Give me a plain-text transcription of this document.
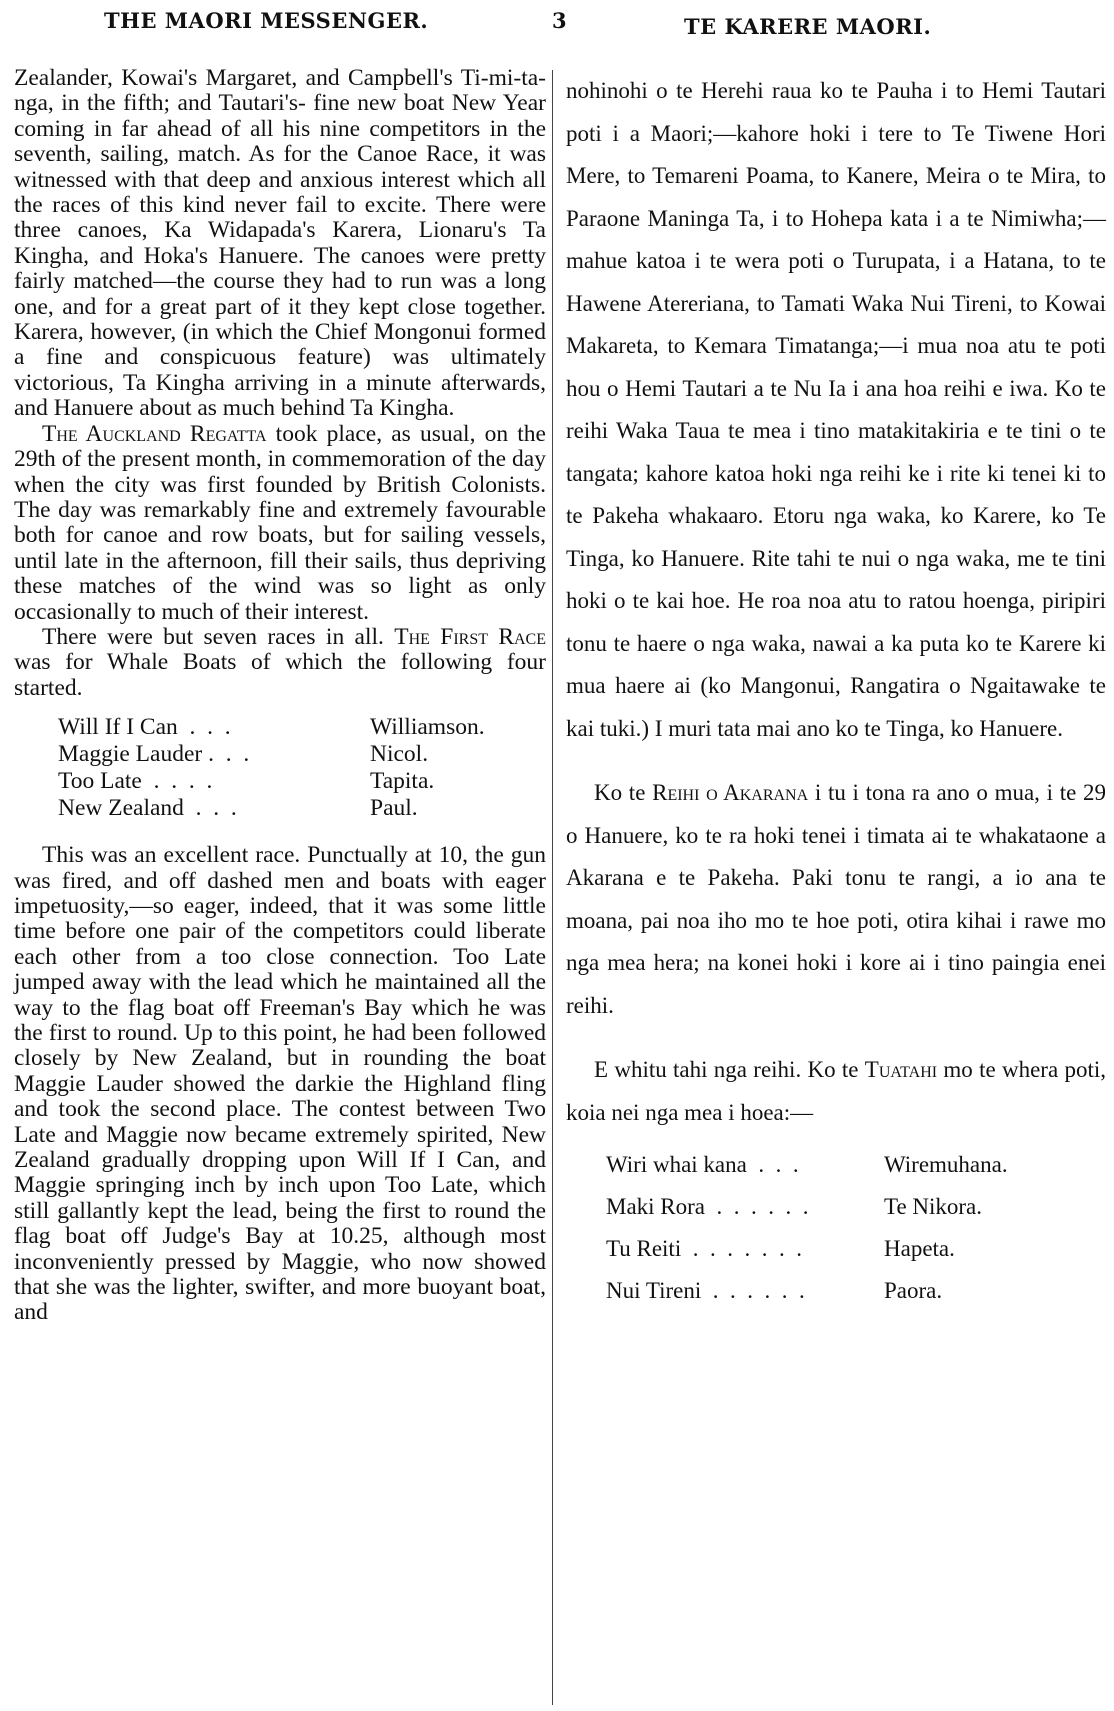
THE MAORI MESSENGER.	3	TE KARERE MAORI.

Zealander, Kowai's Margaret, and Campbell's Ti-mi-ta-nga, in the fifth; and Tautari's- fine new boat New Year coming in far ahead of all his nine competitors in the seventh, sailing, match. As for the Canoe Race, it was witnessed with that deep and anxious interest which all the races of this kind never fail to excite. There were three canoes, Ka Widapada's Karera, Lionaru's Ta Kingha, and Hoka's Hanuere. The canoes were pretty fairly matched—the course they had to run was a long one, and for a great part of it they kept close together. Karera, however, (in which the Chief Mongonui formed a fine and conspicuous feature) was ultimately victorious, Ta Kingha arriving in a minute afterwards, and Hanuere about as much behind Ta Kingha.

The Auckland Regatta took place, as usual, on the 29th of the present month, in commemoration of the day when the city was first founded by British Colonists. The day was remarkably fine and extremely favourable both for canoe and row boats, but for sailing vessels, until late in the afternoon, fill their sails, thus depriving these matches of the wind was so light as only occasionally to much of their interest.

There were but seven races in all. The First Race was for Whale Boats of which the following four started.

Will If I Can  .  .  .	Williamson.
Maggie Lauder .  .  .	Nicol.
Too Late  .  .  .  .	Tapita.
New Zealand  .  .  .	Paul.

This was an excellent race. Punctually at 10, the gun was fired, and off dashed men and boats with eager impetuosity,—so eager, indeed, that it was some little time before one pair of the competitors could liberate each other from a too close connection. Too Late jumped away with the lead which he maintained all the way to the flag boat off Freeman's Bay which he was the first to round. Up to this point, he had been followed closely by New Zealand, but in rounding the boat Maggie Lauder showed the darkie the Highland fling and took the second place. The contest between Two Late and Maggie now became extremely spirited, New Zealand gradually dropping upon Will If I Can, and Maggie springing inch by inch upon Too Late, which still gallantly kept the lead, being the first to round the flag boat off Judge's Bay at 10.25, although most inconveniently pressed by Maggie, who now showed that she was the lighter, swifter, and more buoyant boat, and

nohinohi o te Herehi raua ko te Pauha i to Hemi Tautari poti i a Maori;—kahore hoki i tere to Te Tiwene Hori Mere, to Temareni Poama, to Kanere, Meira o te Mira, to Paraone Maninga Ta, i to Hohepa kata i a te Nimiwha;—mahue katoa i te wera poti o Turupata, i a Hatana, to te Hawene Atereriana, to Tamati Waka Nui Tireni, to Kowai Makareta, to Kemara Timatanga;—i mua noa atu te poti hou o Hemi Tautari a te Nu Ia i ana hoa reihi e iwa. Ko te reihi Waka Taua te mea i tino matakitakiria e te tini o te tangata; kahore katoa hoki nga reihi ke i rite ki tenei ki to te Pakeha whakaaro. Etoru nga waka, ko Karere, ko Te Tinga, ko Hanuere. Rite tahi te nui o nga waka, me te tini hoki o te kai hoe. He roa noa atu to ratou hoenga, piripiri tonu te haere o nga waka, nawai a ka puta ko te Karere ki mua haere ai (ko Mangonui, Rangatira o Ngaitawake te kai tuki.) I muri tata mai ano ko te Tinga, ko Hanuere.

Ko te Reihi o Akarana i tu i tona ra ano o mua, i te 29 o Hanuere, ko te ra hoki tenei i timata ai te whakataone a Akarana e te Pakeha. Paki tonu te rangi, a io ana te moana, pai noa iho mo te hoe poti, otira kihai i rawe mo nga mea hera; na konei hoki i kore ai i tino paingia enei reihi.

E whitu tahi nga reihi. Ko te Tuatahi mo te whera poti, koia nei nga mea i hoea:—

Wiri whai kana  .  .  .	Wiremuhana.
Maki Rora  .  .  .  .  .  .	Te Nikora.
Tu Reiti  .  .  .  .  .  .  .	Hapeta.
Nui Tireni  .  .  .  .  .  .	Paora.
